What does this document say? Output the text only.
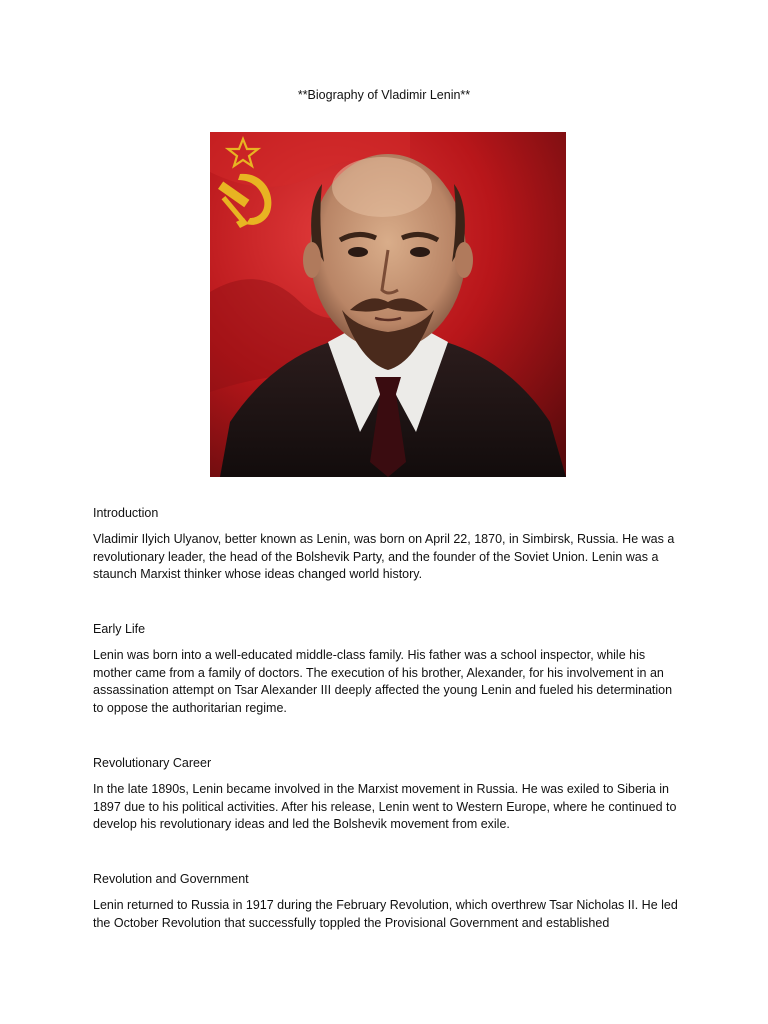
**Biography of Vladimir Lenin**

Introduction

Vladimir Ilyich Ulyanov, better known as Lenin, was born on April 22, 1870, in Simbirsk, Russia. He was a revolutionary leader, the head of the Bolshevik Party, and the founder of the Soviet Union. Lenin was a staunch Marxist thinker whose ideas changed world history.

Early Life

Lenin was born into a well-educated middle-class family. His father was a school inspector, while his mother came from a family of doctors. The execution of his brother, Alexander, for his involvement in an assassination attempt on Tsar Alexander III deeply affected the young Lenin and fueled his determination to oppose the authoritarian regime.

Revolutionary Career

In the late 1890s, Lenin became involved in the Marxist movement in Russia. He was exiled to Siberia in 1897 due to his political activities. After his release, Lenin went to Western Europe, where he continued to develop his revolutionary ideas and led the Bolshevik movement from exile.

Revolution and Government

Lenin returned to Russia in 1917 during the February Revolution, which overthrew Tsar Nicholas II. He led the October Revolution that successfully toppled the Provisional Government and established
